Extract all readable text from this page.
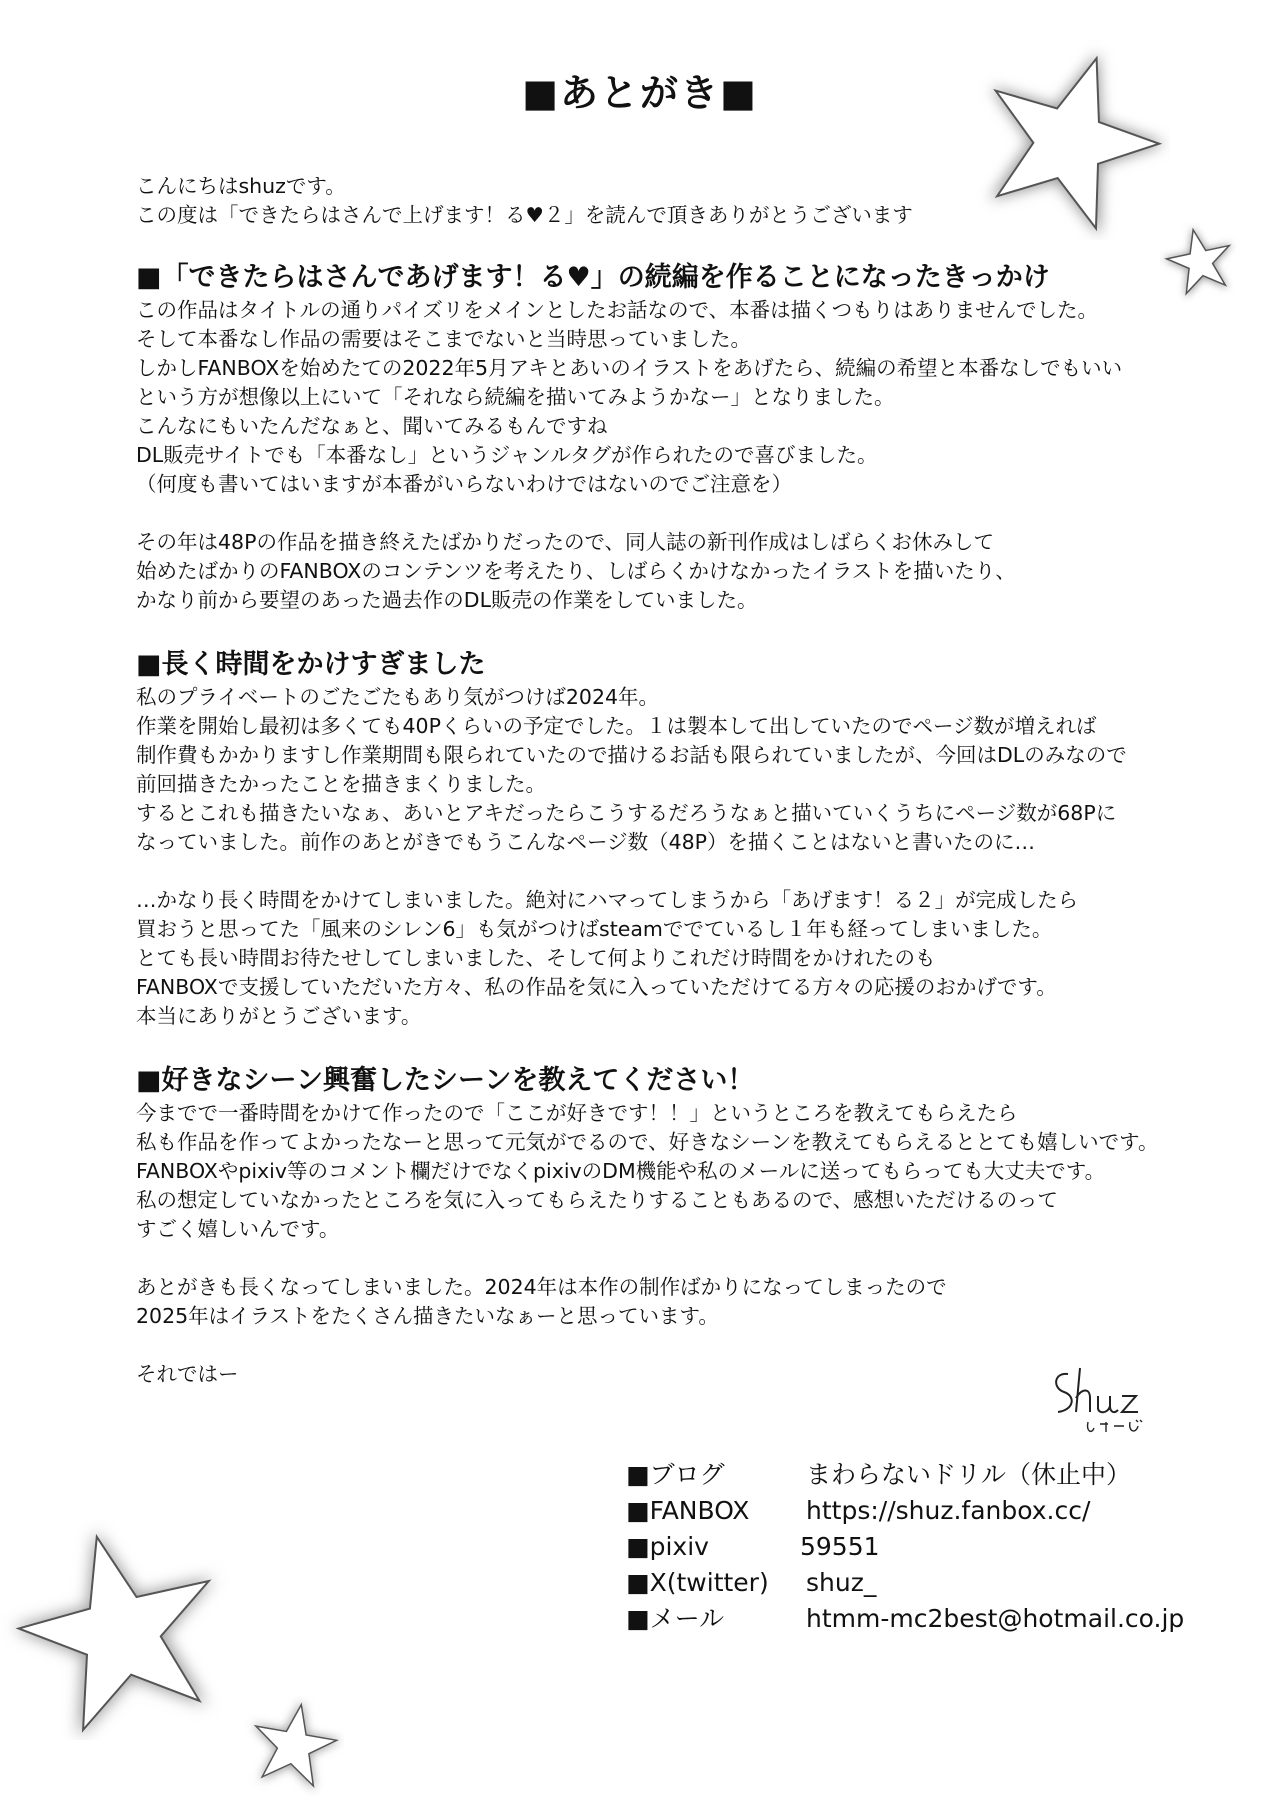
■あとがき■

こんにちはshuzです。

この度は「できたらはさんで上げます！る♥２」を読んで頂きありがとうございます

■「できたらはさんであげます！る♥」の続編を作ることになったきっかけ

この作品はタイトルの通りパイズリをメインとしたお話なので、本番は描くつもりはありませんでした。

そして本番なし作品の需要はそこまでないと当時思っていました。

しかしFANBOXを始めたての2022年5月アキとあいのイラストをあげたら、続編の希望と本番なしでもいい

という方が想像以上にいて「それなら続編を描いてみようかなー」となりました。

こんなにもいたんだなぁと、聞いてみるもんですね

DL販売サイトでも「本番なし」というジャンルタグが作られたので喜びました。

（何度も書いてはいますが本番がいらないわけではないのでご注意を）

その年は48Pの作品を描き終えたばかりだったので、同人誌の新刊作成はしばらくお休みして

始めたばかりのFANBOXのコンテンツを考えたり、しばらくかけなかったイラストを描いたり、

かなり前から要望のあった過去作のDL販売の作業をしていました。

■長く時間をかけすぎました

私のプライベートのごたごたもあり気がつけば2024年。

作業を開始し最初は多くても40Pくらいの予定でした。１は製本して出していたのでページ数が増えれば

制作費もかかりますし作業期間も限られていたので描けるお話も限られていましたが、今回はDLのみなので

前回描きたかったことを描きまくりました。

するとこれも描きたいなぁ、あいとアキだったらこうするだろうなぁと描いていくうちにページ数が68Pに

なっていました。前作のあとがきでもうこんなページ数（48P）を描くことはないと書いたのに…

…かなり長く時間をかけてしまいました。絶対にハマってしまうから「あげます！る２」が完成したら

買おうと思ってた「風来のシレン6」も気がつけばsteamででているし１年も経ってしまいました。

とても長い時間お待たせしてしまいました、そして何よりこれだけ時間をかけれたのも

FANBOXで支援していただいた方々、私の作品を気に入っていただけてる方々の応援のおかげです。

本当にありがとうございます。

■好きなシーン興奮したシーンを教えてください！

今までで一番時間をかけて作ったので「ここが好きです！！」というところを教えてもらえたら

私も作品を作ってよかったなーと思って元気がでるので、好きなシーンを教えてもらえるととても嬉しいです。

FANBOXやpixiv等のコメント欄だけでなくpixivのDM機能や私のメールに送ってもらっても大丈夫です。

私の想定していなかったところを気に入ってもらえたりすることもあるので、感想いただけるのって

すごく嬉しいんです。

あとがきも長くなってしまいました。2024年は本作の制作ばかりになってしまったので

2025年はイラストをたくさん描きたいなぁーと思っています。

それではー

■ブログ	まわらないドリル（休止中）
■FANBOX https://shuz.fanbox.cc/
■pixiv	59551
■X(twitter) shuz_
■メール	htmm-mc2best@hotmail.co.jp
